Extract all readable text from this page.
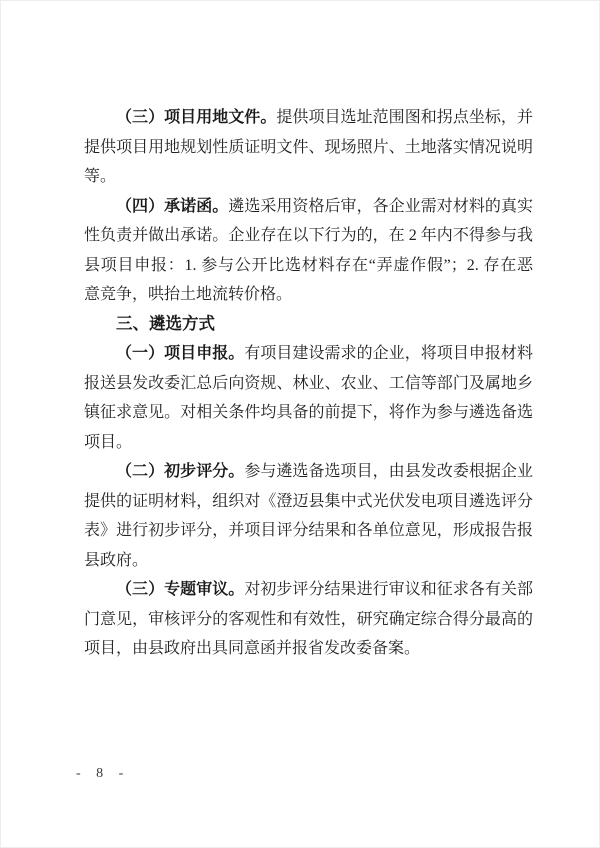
（三）项目用地文件。提供项目选址范围图和拐点坐标，并
提供项目用地规划性质证明文件、现场照片、土地落实情况说明
等。
（四）承诺函。遴选采用资格后审，各企业需对材料的真实
性负责并做出承诺。企业存在以下行为的，在 2 年内不得参与我
县项目申报：1. 参与公开比选材料存在“弄虚作假”；2. 存在恶
意竞争，哄抬土地流转价格。
三、遴选方式
（一）项目申报。有项目建设需求的企业，将项目申报材料
报送县发改委汇总后向资规、林业、农业、工信等部门及属地乡
镇征求意见。对相关条件均具备的前提下，将作为参与遴选备选
项目。
（二）初步评分。参与遴选备选项目，由县发改委根据企业
提供的证明材料，组织对《澄迈县集中式光伏发电项目遴选评分
表》进行初步评分，并项目评分结果和各单位意见，形成报告报
县政府。
（三）专题审议。对初步评分结果进行审议和征求各有关部
门意见，审核评分的客观性和有效性，研究确定综合得分最高的
项目，由县政府出具同意函并报省发改委备案。
- 8 -
